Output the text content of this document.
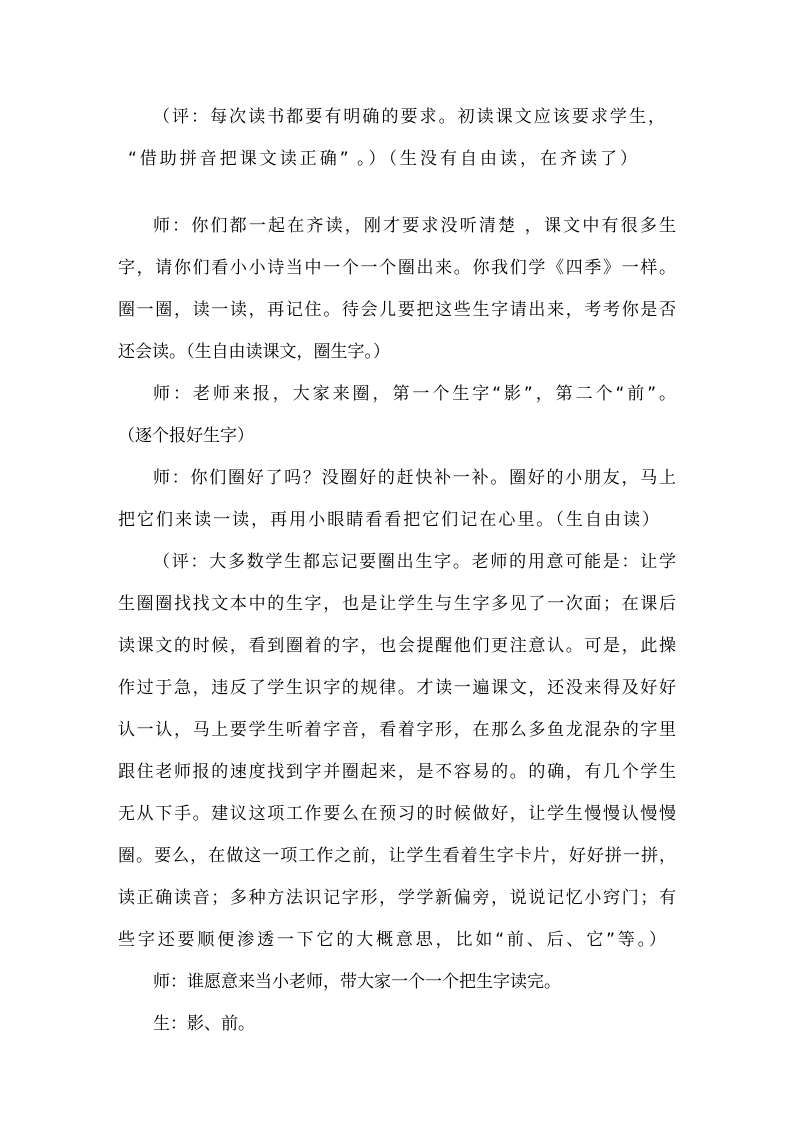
（评：每次读书都要有明确的要求。初读课文应该要求学生，
“借助拼音把课文读正确” 。）（生没有自由读，在齐读了）
师：你们都一起在齐读，刚才要求没听清楚 ，课文中有很多生
字，请你们看小小诗当中一个一个圈出来。你我们学《四季》一样。
圈一圈，读一读，再记住。待会儿要把这些生字请出来，考考你是否
还会读。（生自由读课文，圈生字。）
师：老师来报，大家来圈，第一个生字“影”，第二个“前”。
（逐个报好生字）
师：你们圈好了吗？没圈好的赶快补一补。圈好的小朋友，马上
把它们来读一读，再用小眼睛看看把它们记在心里。（生自由读）
（评：大多数学生都忘记要圈出生字。老师的用意可能是：让学
生圈圈找找文本中的生字，也是让学生与生字多见了一次面；在课后
读课文的时候，看到圈着的字，也会提醒他们更注意认。可是，此操
作过于急，违反了学生识字的规律。才读一遍课文，还没来得及好好
认一认，马上要学生听着字音，看着字形，在那么多鱼龙混杂的字里
跟住老师报的速度找到字并圈起来，是不容易的。的确，有几个学生
无从下手。建议这项工作要么在预习的时候做好，让学生慢慢认慢慢
圈。要么，在做这一项工作之前，让学生看着生字卡片，好好拼一拼，
读正确读音；多种方法识记字形，学学新偏旁，说说记忆小窍门；有
些字还要顺便渗透一下它的大概意思，比如“前、后、它”等。）
师：谁愿意来当小老师，带大家一个一个把生字读完。
生：影、前。
